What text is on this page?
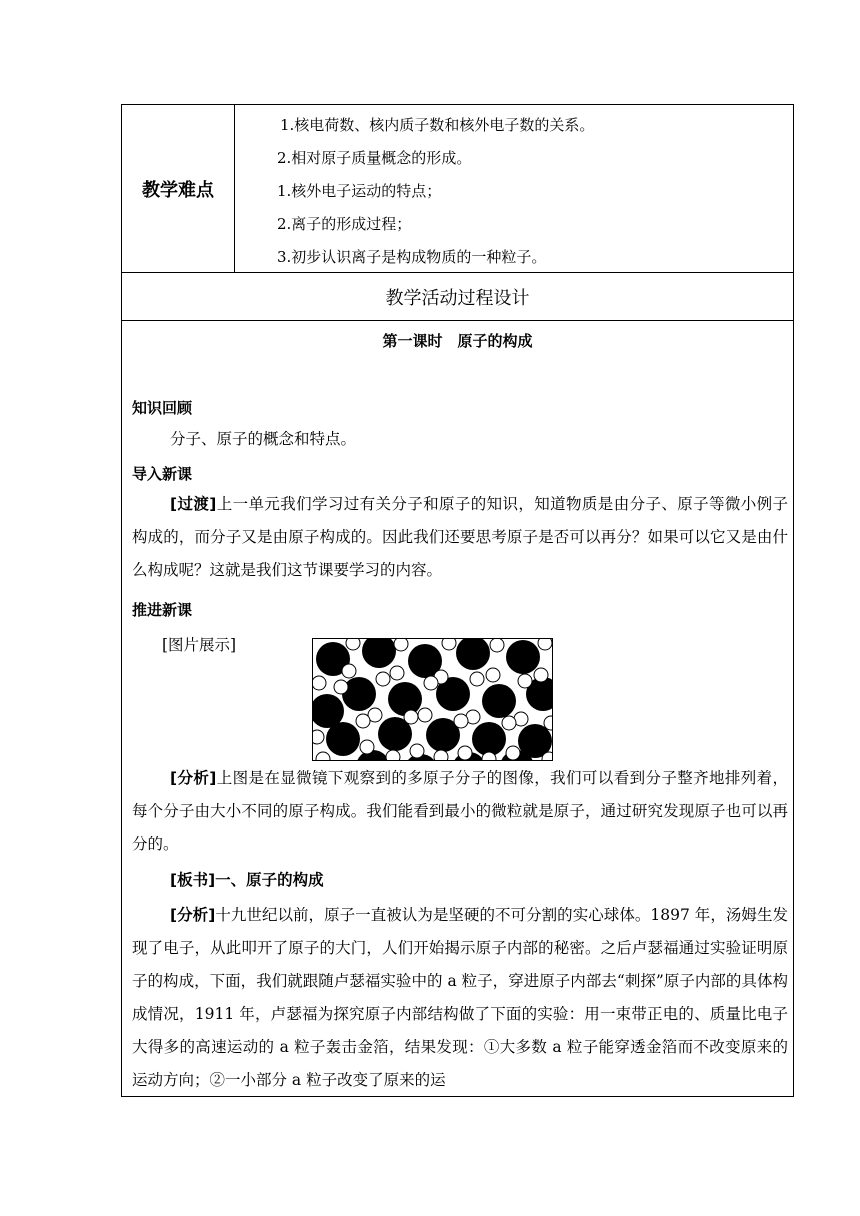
教学难点
1.核电荷数、核内质子数和核外电子数的关系。
2.相对原子质量概念的形成。
1.核外电子运动的特点；
2.离子的形成过程；
3.初步认识离子是构成物质的一种粒子。
教学活动过程设计
第一课时　原子的构成
知识回顾
分子、原子的概念和特点。
导入新课
[过渡]上一单元我们学习过有关分子和原子的知识，知道物质是由分子、原子等微小例子构成的，而分子又是由原子构成的。因此我们还要思考原子是否可以再分？如果可以它又是由什么构成呢？这就是我们这节课要学习的内容。
推进新课
[图片展示]
[分析]上图是在显微镜下观察到的多原子分子的图像，我们可以看到分子整齐地排列着，每个分子由大小不同的原子构成。我们能看到最小的微粒就是原子，通过研究发现原子也可以再分的。
[板书]一、原子的构成
[分析]十九世纪以前，原子一直被认为是坚硬的不可分割的实心球体。1897 年，汤姆生发现了电子，从此叩开了原子的大门，人们开始揭示原子内部的秘密。之后卢瑟福通过实验证明原子的构成，下面，我们就跟随卢瑟福实验中的 a 粒子，穿进原子内部去“刺探”原子内部的具体构成情况，1911 年，卢瑟福为探究原子内部结构做了下面的实验：用一束带正电的、质量比电子大得多的高速运动的 a 粒子轰击金箔，结果发现：①大多数 a 粒子能穿透金箔而不改变原来的运动方向；②一小部分 a 粒子改变了原来的运
